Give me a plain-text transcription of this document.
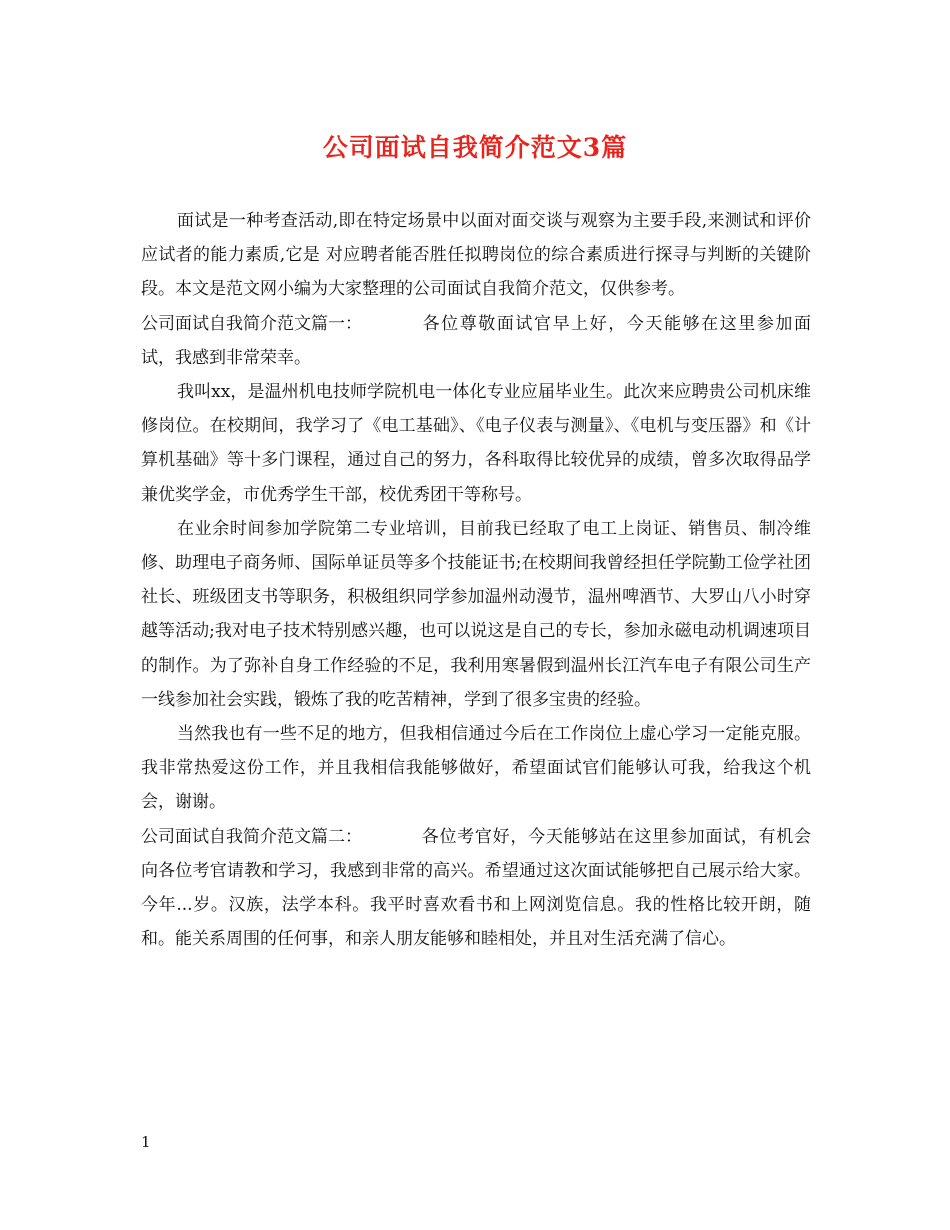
公司面试自我简介范文3篇

面试是一种考查活动,即在特定场景中以面对面交谈与观察为主要手段,来测试和评价应试者的能力素质,它是 对应聘者能否胜任拟聘岗位的综合素质进行探寻与判断的关键阶段。本文是范文网小编为大家整理的公司面试自我简介范文，仅供参考。

公司面试自我简介范文篇一：	各位尊敬面试官早上好，今天能够在这里参加面试，我感到非常荣幸。

我叫xx，是温州机电技师学院机电一体化专业应届毕业生。此次来应聘贵公司机床维修岗位。在校期间，我学习了《电工基础》、《电子仪表与测量》、《电机与变压器》和《计算机基础》等十多门课程，通过自己的努力，各科取得比较优异的成绩，曾多次取得品学兼优奖学金，市优秀学生干部，校优秀团干等称号。

在业余时间参加学院第二专业培训，目前我已经取了电工上岗证、销售员、制冷维修、助理电子商务师、国际单证员等多个技能证书;在校期间我曾经担任学院勤工俭学社团社长、班级团支书等职务，积极组织同学参加温州动漫节，温州啤酒节、大罗山八小时穿越等活动;我对电子技术特别感兴趣，也可以说这是自己的专长，参加永磁电动机调速项目的制作。为了弥补自身工作经验的不足，我利用寒暑假到温州长江汽车电子有限公司生产一线参加社会实践，锻炼了我的吃苦精神，学到了很多宝贵的经验。

当然我也有一些不足的地方，但我相信通过今后在工作岗位上虚心学习一定能克服。我非常热爱这份工作，并且我相信我能够做好，希望面试官们能够认可我，给我这个机会，谢谢。

公司面试自我简介范文篇二：	各位考官好，今天能够站在这里参加面试，有机会向各位考官请教和学习，我感到非常的高兴。希望通过这次面试能够把自己展示给大家。今年...岁。汉族，法学本科。我平时喜欢看书和上网浏览信息。我的性格比较开朗，随和。能关系周围的任何事，和亲人朋友能够和睦相处，并且对生活充满了信心。

1
